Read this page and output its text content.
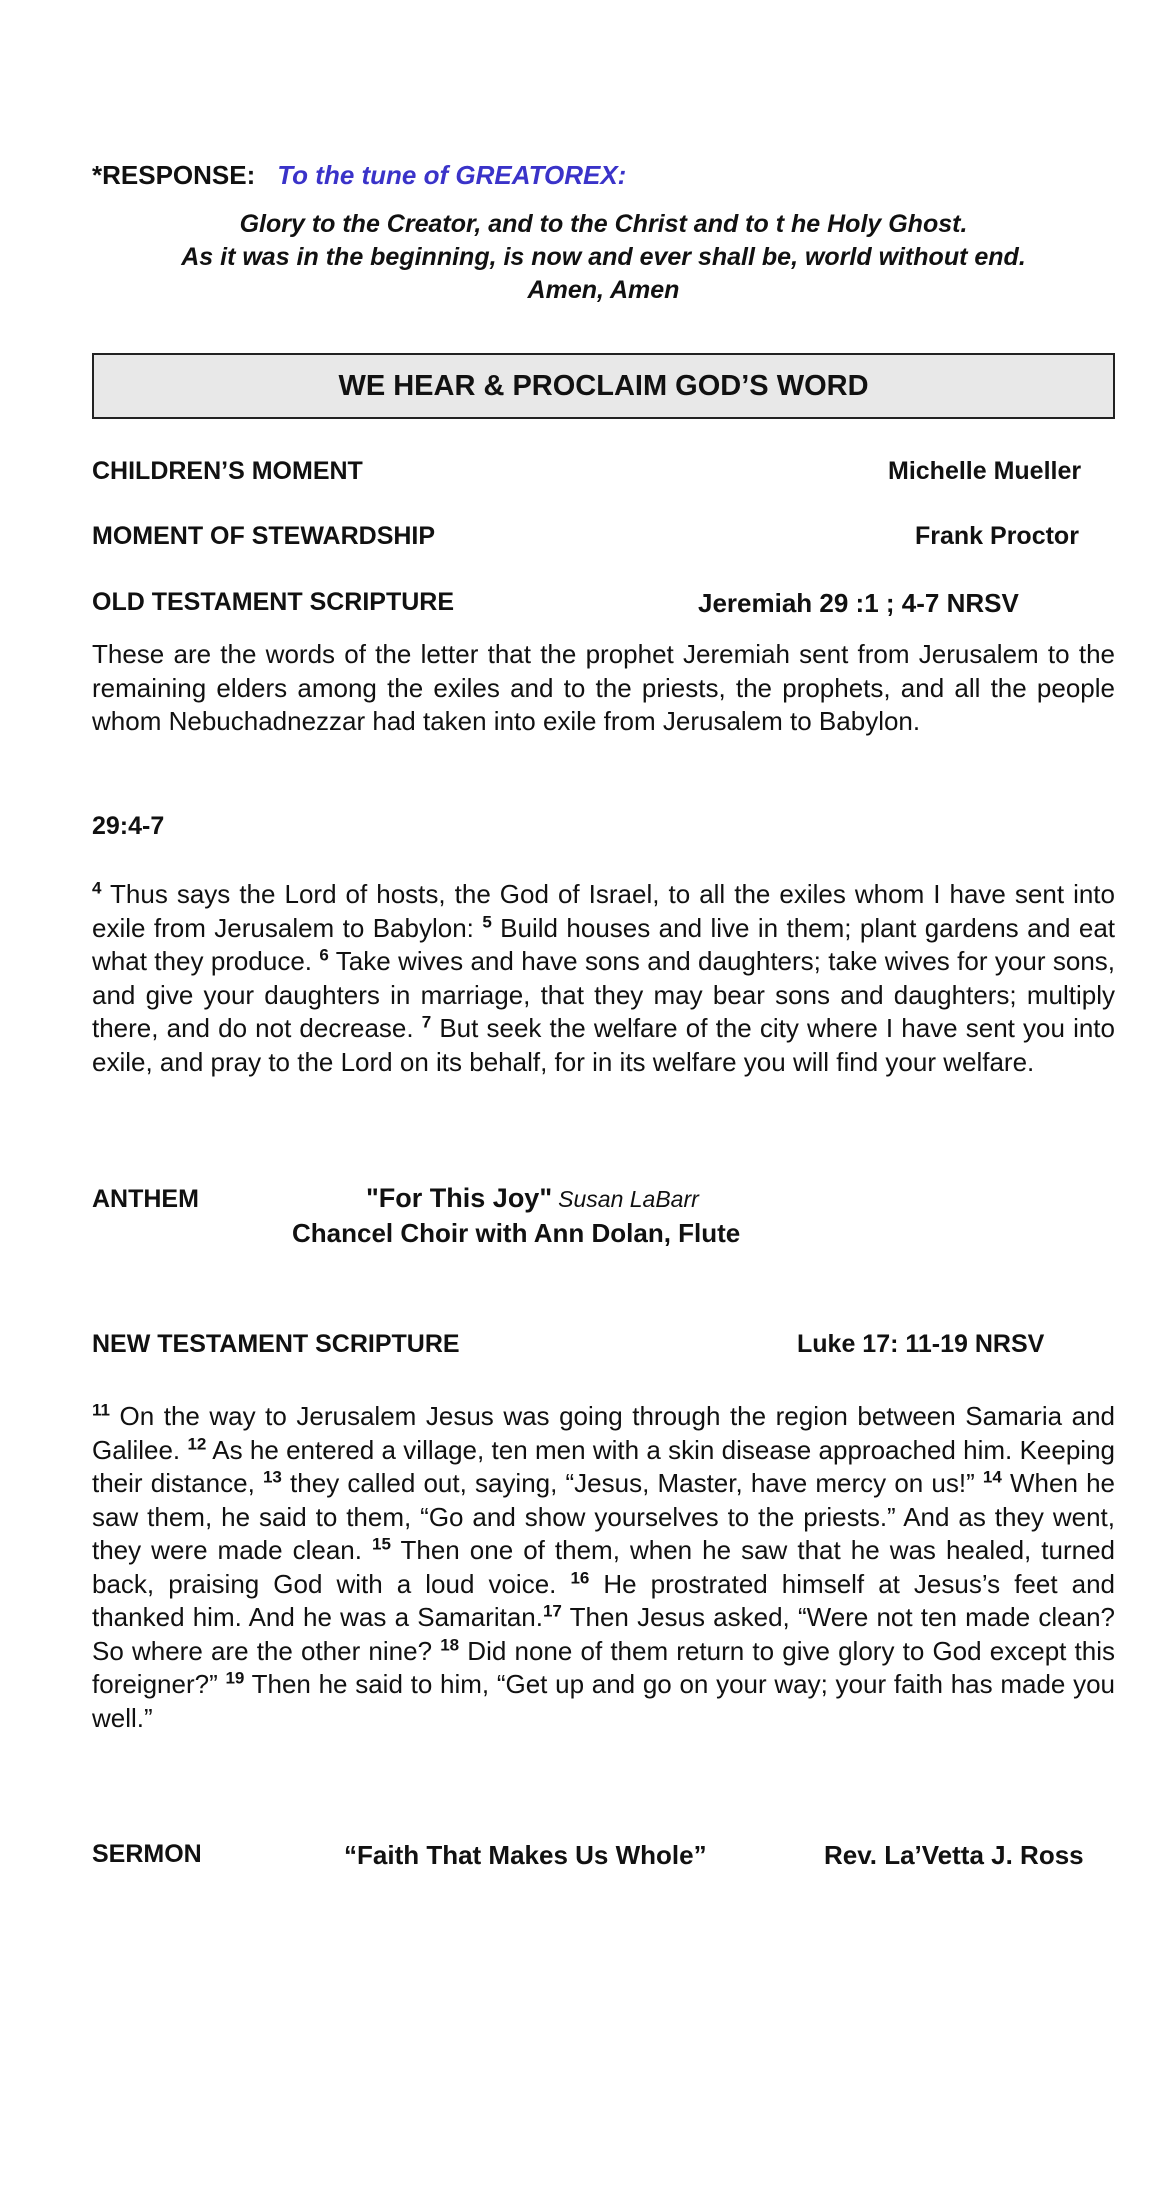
*RESPONSE: To the tune of GREATOREX:
Glory to the Creator, and to the Christ and to t he Holy Ghost.
As it was in the beginning, is now and ever shall be, world without end.
Amen, Amen
WE HEAR & PROCLAIM GOD’S WORD
CHILDREN’S MOMENT	Michelle Mueller
MOMENT OF STEWARDSHIP	Frank Proctor
OLD TESTAMENT SCRIPTURE	Jeremiah 29 :1 ; 4-7 NRSV
These are the words of the letter that the prophet Jeremiah sent from Jerusalem to the remaining elders among the exiles and to the priests, the prophets, and all the people whom Nebuchadnezzar had taken into exile from Jerusalem to Babylon.
29:4-7
$^4$ Thus says the Lord of hosts, the God of Israel, to all the exiles whom I have sent into exile from Jerusalem to Babylon: $^5$ Build houses and live in them; plant gardens and eat what they produce. $^6$ Take wives and have sons and daughters; take wives for your sons, and give your daughters in marriage, that they may bear sons and daughters; multiply there, and do not decrease. $^7$ But seek the welfare of the city where I have sent you into exile, and pray to the Lord on its behalf, for in its welfare you will find your welfare.
ANTHEM	"For This Joy" Susan LaBarr
Chancel Choir with Ann Dolan, Flute
NEW TESTAMENT SCRIPTURE	Luke 17: 11-19 NRSV
$^{11}$ On the way to Jerusalem Jesus was going through the region between Samaria and Galilee. $^{12}$ As he entered a village, ten men with a skin disease approached him. Keeping their distance, $^{13}$ they called out, saying, “Jesus, Master, have mercy on us!” $^{14}$ When he saw them, he said to them, “Go and show yourselves to the priests.” And as they went, they were made clean. $^{15}$ Then one of them, when he saw that he was healed, turned back, praising God with a loud voice. $^{16}$ He prostrated himself at Jesus’s feet and thanked him. And he was a Samaritan.$^{17}$ Then Jesus asked, “Were not ten made clean? So where are the other nine? $^{18}$ Did none of them return to give glory to God except this foreigner?” $^{19}$ Then he said to him, “Get up and go on your way; your faith has made you well.”
SERMON	“Faith That Makes Us Whole”	Rev. La’Vetta J. Ross
